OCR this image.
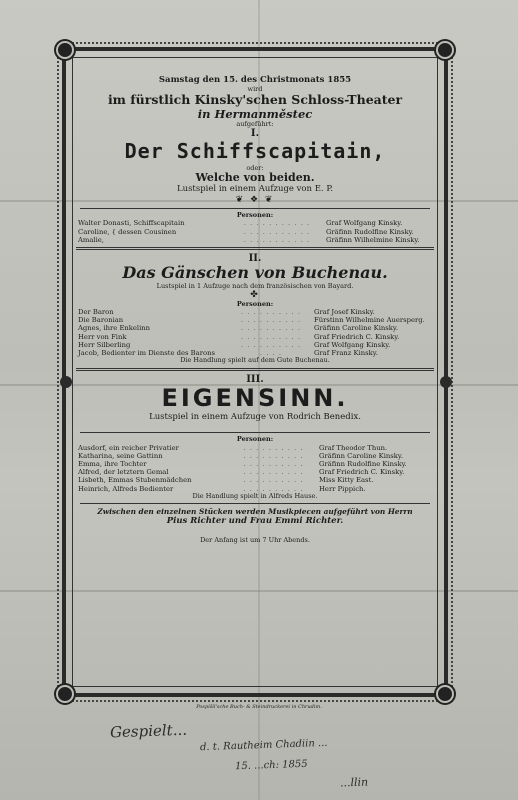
Samstag den 15. des Christmonats 1855
wird
im fürstlich Kinsky'schen Schloss-Theater
in Hermanměstec
aufgeführt:
I.
Der Schiffscapitain,
oder:
Welche von beiden.
Lustspiel in einem Aufzuge von E. P.
❦ ❖ ❦
Personen:
Walter Donasti, Schiffscapitain	. . . . . . . . . . .	Graf Wolfgang Kinsky.
Caroline, { dessen Cousinen	. . . . . . . . . . .	Gräfinn Rudolfine Kinsky.
Amalie,	. . . . . . . . . . .	Gräfinn Wilhelmine Kinsky.
II.
Das Gänschen von Buchenau.
Lustspiel in 1 Aufzuge nach dem französischen von Bayard.
✤
Personen:
Der Baron	. . . . . . . . . .	Graf Josef Kinsky.
Die Baronian	. . . . . . . . . .	Fürstinn Wilhelmine Auersperg.
Agnes, ihre Enkelinn	. . . . . . . . . .	Gräfinn Caroline Kinsky.
Herr von Fink	. . . . . . . . . .	Graf Friedrich C. Kinsky.
Herr Silberling	. . . . . . . . . .	Graf Wolfgang Kinsky.
Jacob, Bedienter im Dienste des Barons	. . . .	Graf Franz Kinsky.
Die Handlung spielt auf dem Gute Buchenau.
III.
EIGENSINN.
Lustspiel in einem Aufzuge von Rodrich Benedix.
Personen:
Ausdorf, ein reicher Privatier	. . . . . . . . . .	Graf Theodor Thun.
Katharina, seine Gattinn	. . . . . . . . . .	Gräfinn Caroline Kinsky.
Emma, ihre Tochter	. . . . . . . . . .	Gräfinn Rudolfine Kinsky.
Alfred, der letztern Gemal	. . . . . . . . . .	Graf Friedrich C. Kinsky.
Lisbeth, Emmas Stubenmädchen	. . . . . . . . . .	Miss Kitty East.
Heinrich, Alfreds Bedienter	. . . . . . . . . .	Herr Pippich.
Die Handlung spielt in Alfreds Hause.
Zwischen den einzelnen Stücken werden Musikpiecen aufgeführt von Herrn
Pius Richter und Frau Emmi Richter.
Der Anfang ist um 7 Uhr Abends.
Pospíšil'sche Buch- & Steindruckerei in Chrudim.
Gespielt...
d. t. Rautheim Chadiin ...
15. ...ch: 1855
...llin
